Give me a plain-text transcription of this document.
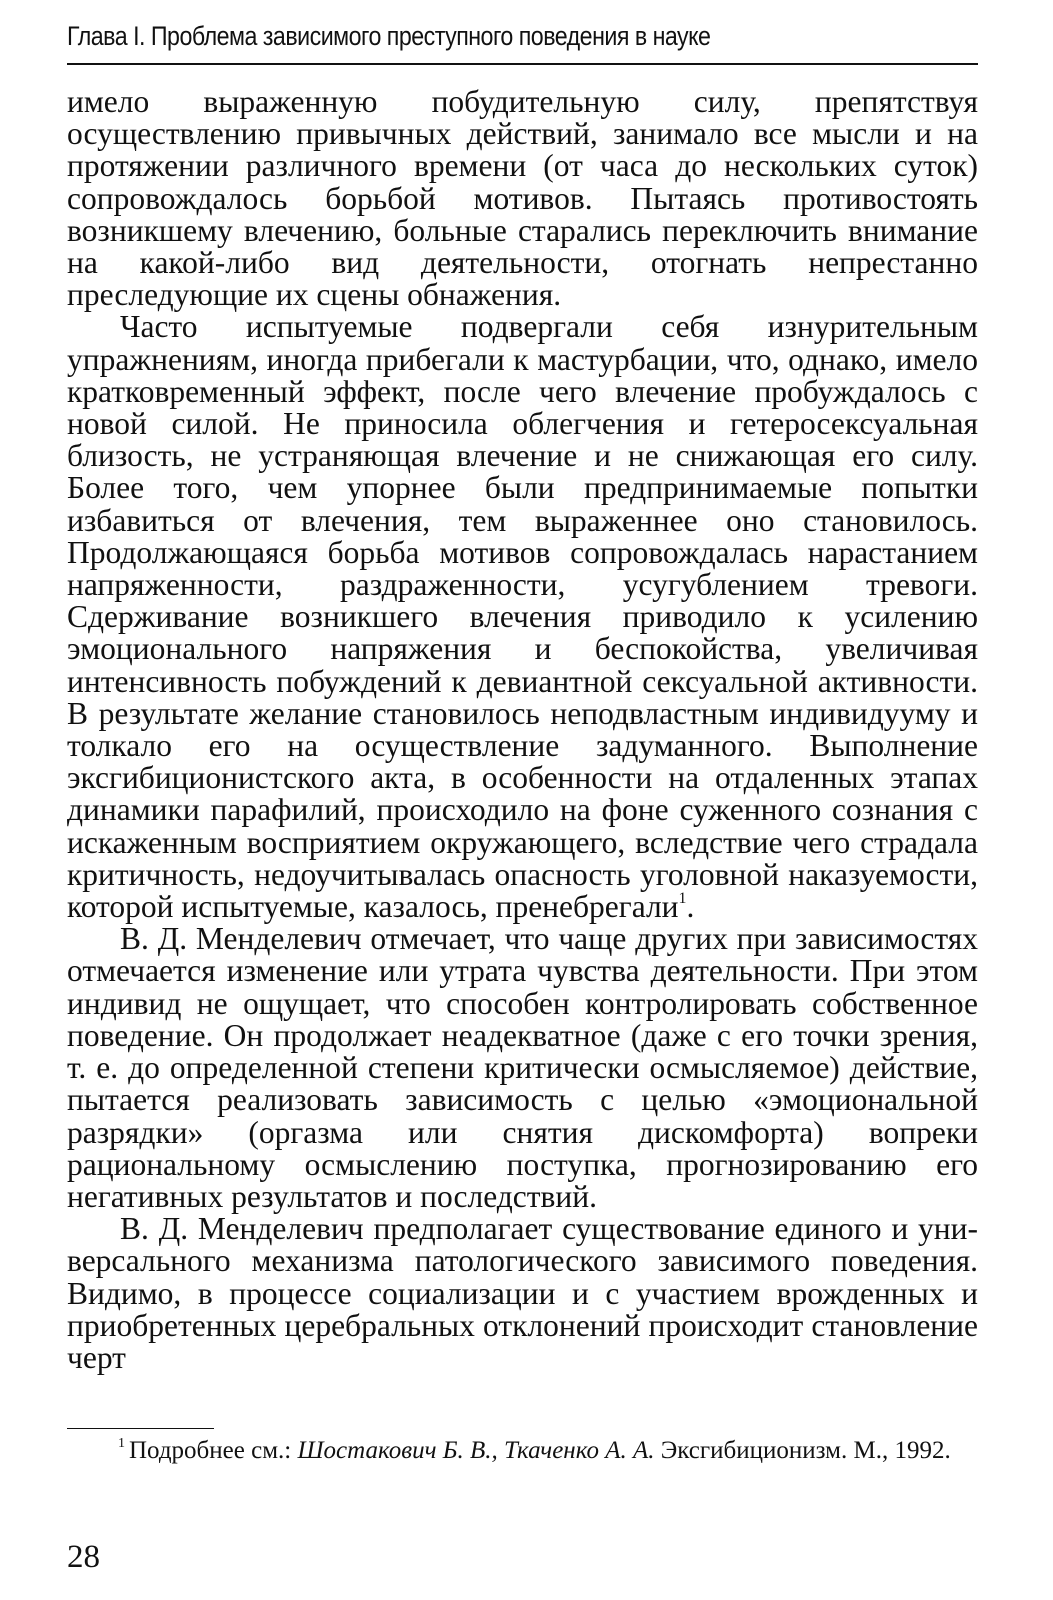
Глава I. Проблема зависимого преступного поведения в науке

имело выраженную побудительную силу, препятствуя осуществлению привычных действий, занимало все мысли и на протяжении различного времени (от часа до нескольких суток) сопровождалось борьбой мотивов. Пытаясь противостоять возникшему влечению, больные старались переключить внимание на какой-либо вид деятельности, отогнать непрестанно преследующие их сцены обнажения.

Часто испытуемые подвергали себя изнурительным упражнениям, иногда прибегали к мастурбации, что, однако, имело кратковременный эффект, после чего влечение пробуждалось с новой силой. Не приносила облегчения и гетеросексуальная близость, не устраняющая влечение и не снижающая его силу. Более того, чем упорнее были предпринимаемые попытки избавиться от влечения, тем выраженнее оно становилось. Продолжающаяся борьба мотивов сопровождалась нарастанием напряженности, раздраженности, усугублением тревоги. Сдерживание возникшего влечения приводило к усилению эмоционального напряжения и беспокойства, увеличивая интенсивность побуждений к девиантной сексуальной активности. В результате желание становилось неподвластным индивидууму и толкало его на осуществление задуманного. Выполнение эксгибиционистского акта, в особенности на отдаленных этапах динамики парафилий, происходило на фоне суженного сознания с искаженным восприятием окружающего, вследствие чего страдала критичность, недоучитывалась опасность уголовной наказуемости, которой испытуемые, казалось, пренебрегали$^1$.

В. Д. Менделевич отмечает, что чаще других при зависимостях отмечается изменение или утрата чувства деятельности. При этом индивид не ощущает, что способен контролировать собственное поведение. Он продолжает неадекватное (даже с его точки зрения, т. е. до определенной степени критически осмысляемое) действие, пытается реализовать зависимость с целью «эмоциональной разрядки» (оргазма или снятия дискомфорта) вопреки рациональному осмыслению поступка, прогнозированию его негативных результатов и последствий.

В. Д. Менделевич предполагает существование единого и универсального механизма патологического зависимого поведения. Видимо, в процессе социализации и с участием врожденных и приобретенных церебральных отклонений происходит становление черт

$^1$ Подробнее см.: Шостакович Б. В., Ткаченко А. А. Эксгибиционизм. М., 1992.
28
